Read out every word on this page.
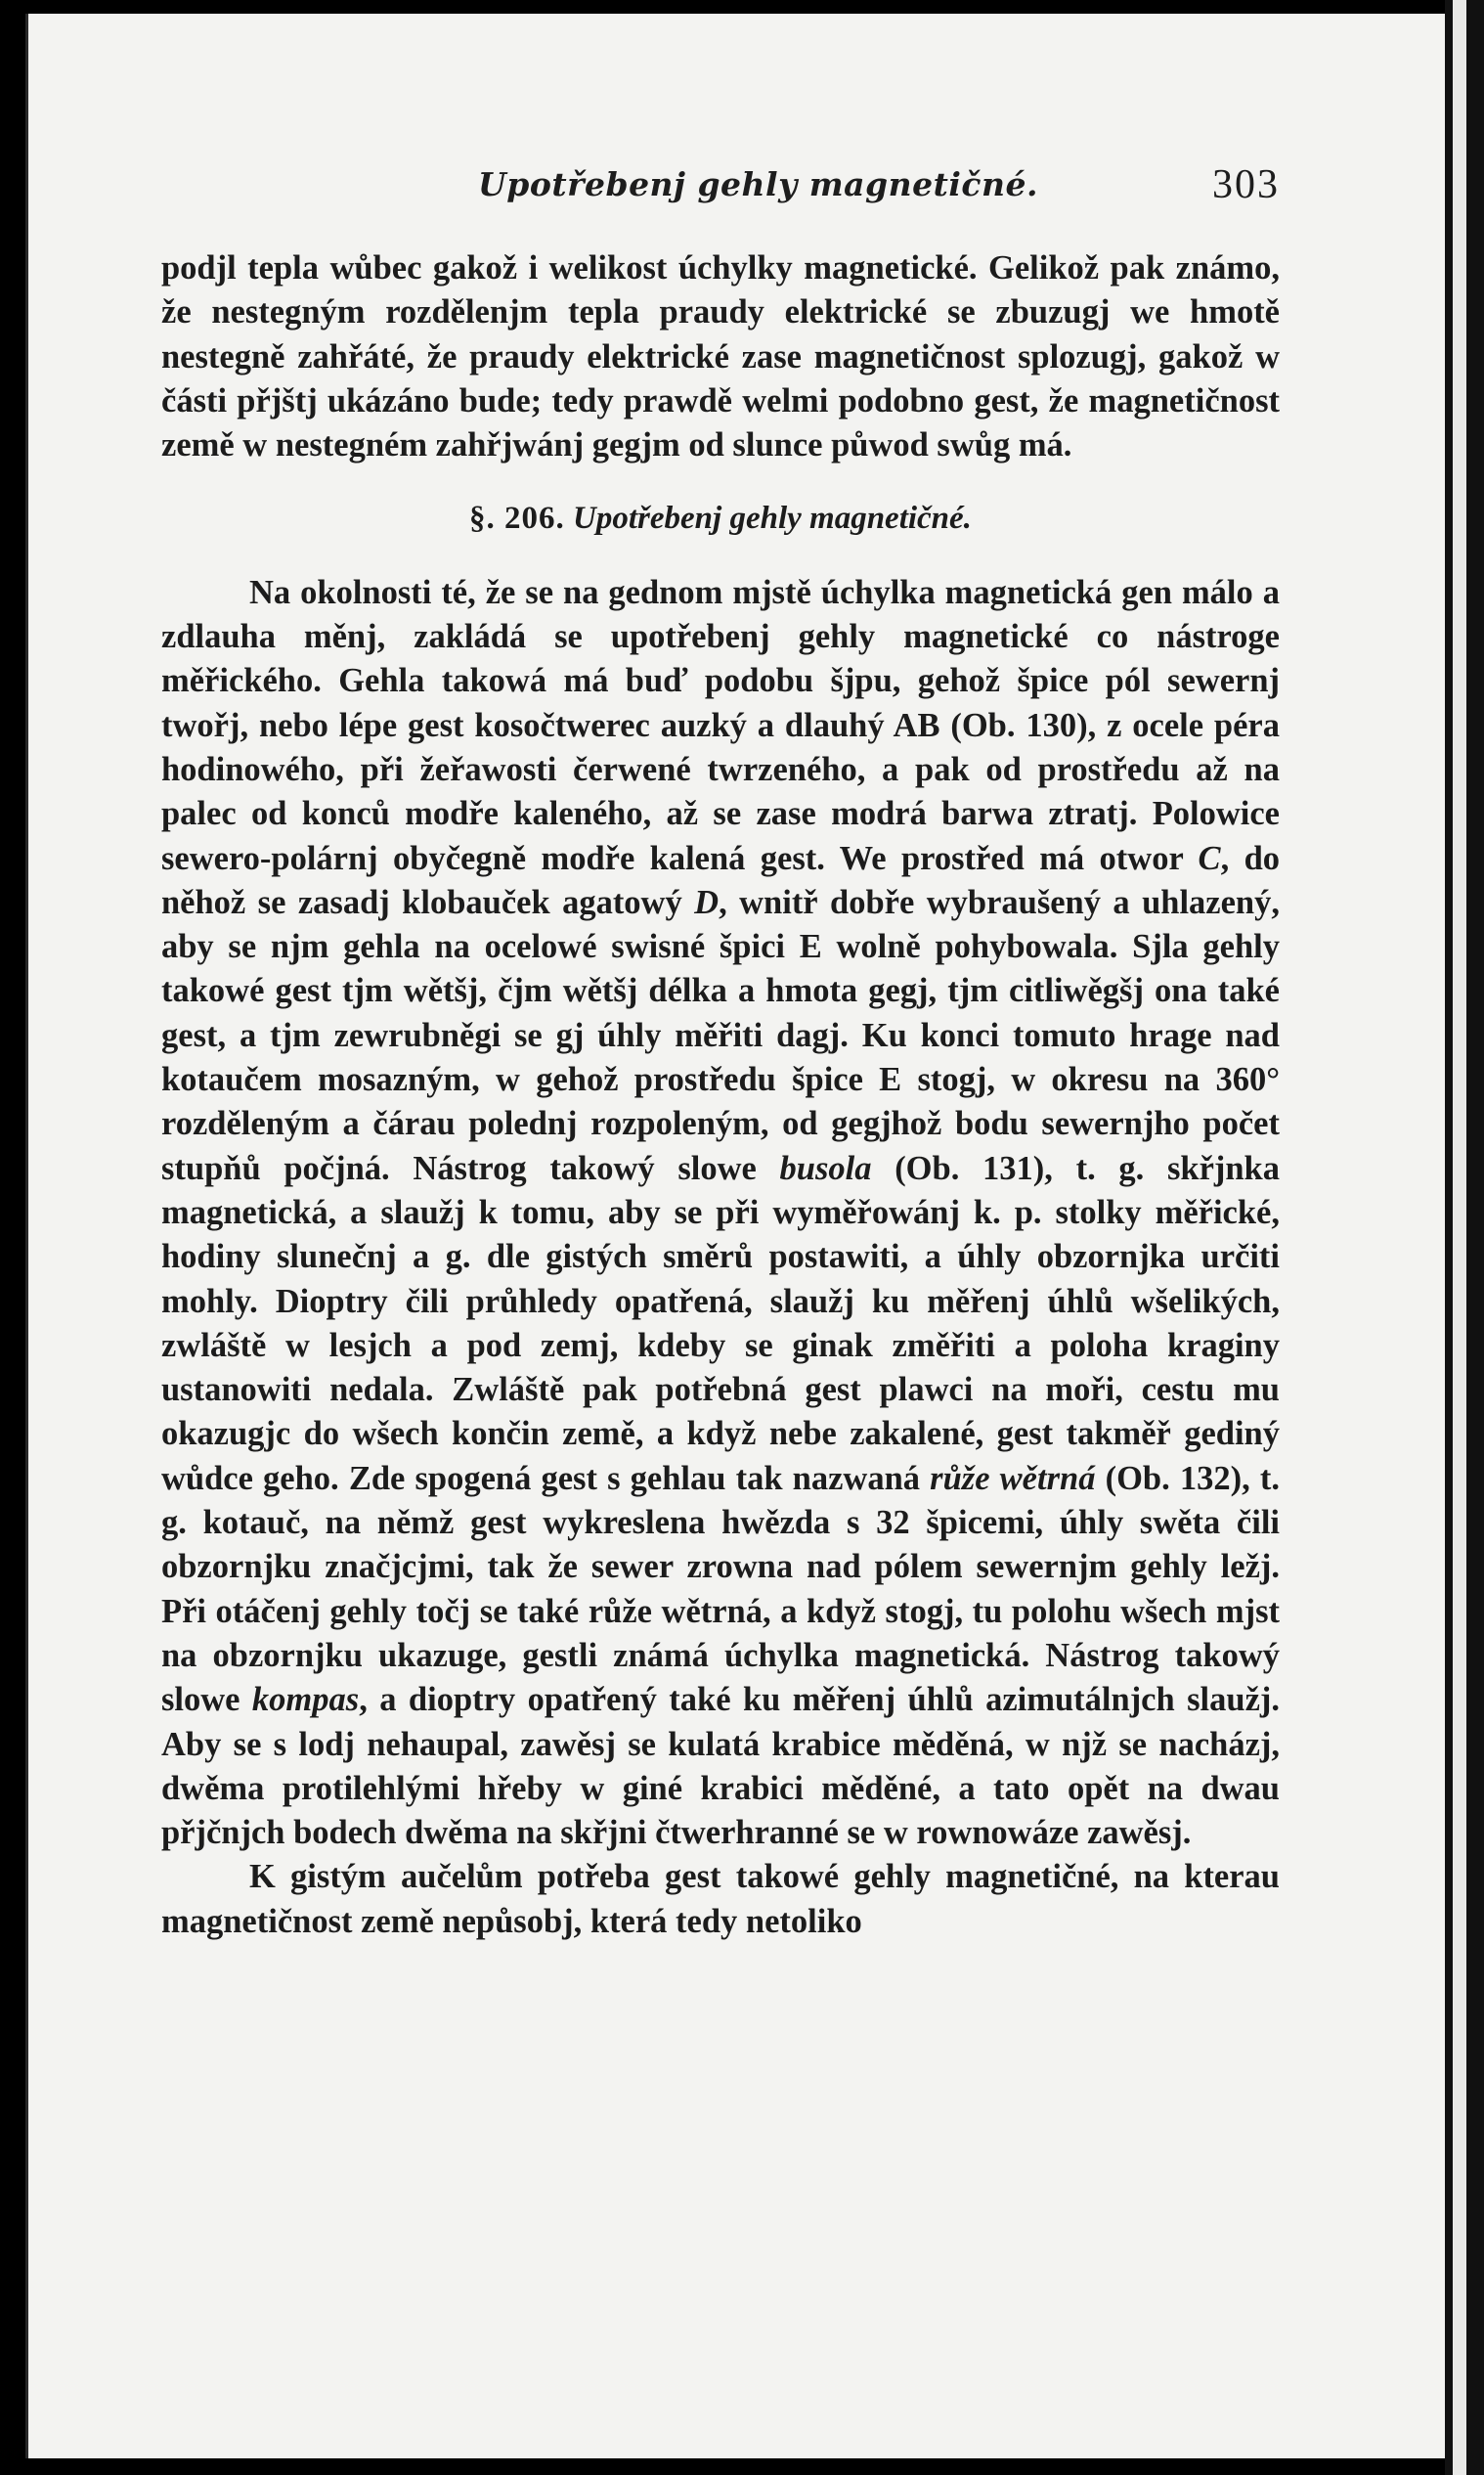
Upotřebenj gehly magnetičné.	303

podjl tepla wůbec gakož i welikost úchylky magnetické. Gelikož pak známo, že nestegným rozdělenjm tepla praudy elektrické se zbuzugj we hmotě nestegně zahřáté, že praudy elektrické zase magnetičnost splozugj, gakož w části přjštj ukázáno bude; tedy prawdě welmi podobno gest, že magnetičnost země w nestegném zahřjwánj gegjm od slunce půwod swůg má.

§. 206. Upotřebenj gehly magnetičné.

Na okolnosti té, že se na gednom mjstě úchylka magnetická gen málo a zdlauha měnj, zakládá se upotřebenj gehly magnetické co nástroge měřického. Gehla takowá má buď podobu šjpu, gehož špice pól sewernj twořj, nebo lépe gest kosočtwerec auzký a dlauhý AB (Ob. 130), z ocele péra hodinowého, při žeřawosti čerwené twrzeného, a pak od prostředu až na palec od konců modře kaleného, až se zase modrá barwa ztratj. Polowice sewero-polárnj obyčegně modře kalená gest. We prostřed má otwor C, do něhož se zasadj klobauček agatowý D, wnitř dobře wybraušený a uhlazený, aby se njm gehla na ocelowé swisné špici E wolně pohybowala. Sjla gehly takowé gest tjm wětšj, čjm wětšj délka a hmota gegj, tjm citliwěgšj ona také gest, a tjm zewrubněgi se gj úhly měřiti dagj. Ku konci tomuto hrage nad kotaučem mosazným, w gehož prostředu špice E stogj, w okresu na 360° rozděleným a čárau polednj rozpoleným, od gegjhož bodu sewernjho počet stupňů počjná. Nástrog takowý slowe busola (Ob. 131), t. g. skřjnka magnetická, a slaužj k tomu, aby se při wyměřowánj k. p. stolky měřické, hodiny slunečnj a g. dle gistých směrů postawiti, a úhly obzornjka určiti mohly. Dioptry čili průhledy opatřená, slaužj ku měřenj úhlů wšelikých, zwláště w lesjch a pod zemj, kdeby se ginak změřiti a poloha kraginy ustanowiti nedala. Zwláště pak potřebná gest plawci na moři, cestu mu okazugjc do wšech končin země, a když nebe zakalené, gest takměř gediný wůdce geho. Zde spogená gest s gehlau tak nazwaná růže wětrná (Ob. 132), t. g. kotauč, na němž gest wykreslena hwězda s 32 špicemi, úhly swěta čili obzornjku značjcjmi, tak že sewer zrowna nad pólem sewernjm gehly ležj. Při otáčenj gehly točj se také růže wětrná, a když stogj, tu polohu wšech mjst na obzornjku ukazuge, gestli známá úchylka magnetická. Nástrog takowý slowe kompas, a dioptry opatřený také ku měřenj úhlů azimutálnjch slaužj. Aby se s lodj nehaupal, zawěsj se kulatá krabice měděná, w njž se nacházj, dwěma protilehlými hřeby w giné krabici měděné, a tato opět na dwau přjčnjch bodech dwěma na skřjni čtwerhranné se w rownowáze zawěsj.

K gistým aučelům potřeba gest takowé gehly magnetičné, na kterau magnetičnost země nepůsobj, která tedy netoliko
